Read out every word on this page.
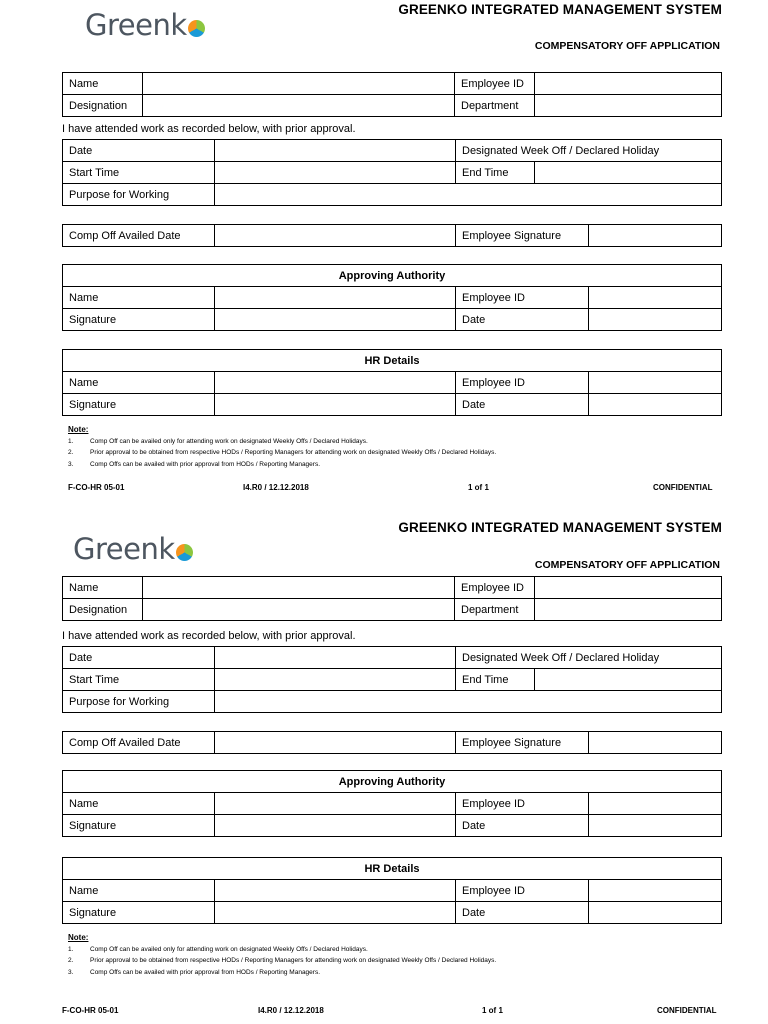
Greenk	GREENKO INTEGRATED MANAGEMENT SYSTEM
COMPENSATORY OFF APPLICATION
Name		Employee ID	
Designation		Department	
I have attended work as recorded below, with prior approval.
Date		Designated Week Off / Declared Holiday	
Start Time		End Time	
Purpose for Working			
Comp Off Availed Date		Employee Signature	
Approving Authority			
Name		Employee ID	
Signature		Date	
HR Details			
Name		Employee ID	
Signature		Date	
Note:
1.	Comp Off can be availed only for attending work on designated Weekly Offs / Declared Holidays.
2.	Prior approval to be obtained from respective HODs / Reporting Managers for attending work on designated Weekly Offs / Declared Holidays.
3.	Comp Offs can be availed with prior approval from HODs / Reporting Managers.
F-CO-HR 05-01	I4.R0 / 12.12.2018	1 of 1	CONFIDENTIAL
Greenk
GREENKO INTEGRATED MANAGEMENT SYSTEM
COMPENSATORY OFF APPLICATION
Name		Employee ID	
Designation		Department	
I have attended work as recorded below, with prior approval.
Date		Designated Week Off / Declared Holiday	
Start Time		End Time	
Purpose for Working			
Comp Off Availed Date		Employee Signature	
Approving Authority			
Name		Employee ID	
Signature		Date	
HR Details			
Name		Employee ID	
Signature		Date	
Note:
1.	Comp Off can be availed only for attending work on designated Weekly Offs / Declared Holidays.
2.	Prior approval to be obtained from respective HODs / Reporting Managers for attending work on designated Weekly Offs / Declared Holidays.
3.	Comp Offs can be availed with prior approval from HODs / Reporting Managers.
F-CO-HR 05-01	I4.R0 / 12.12.2018	1 of 1	CONFIDENTIAL
